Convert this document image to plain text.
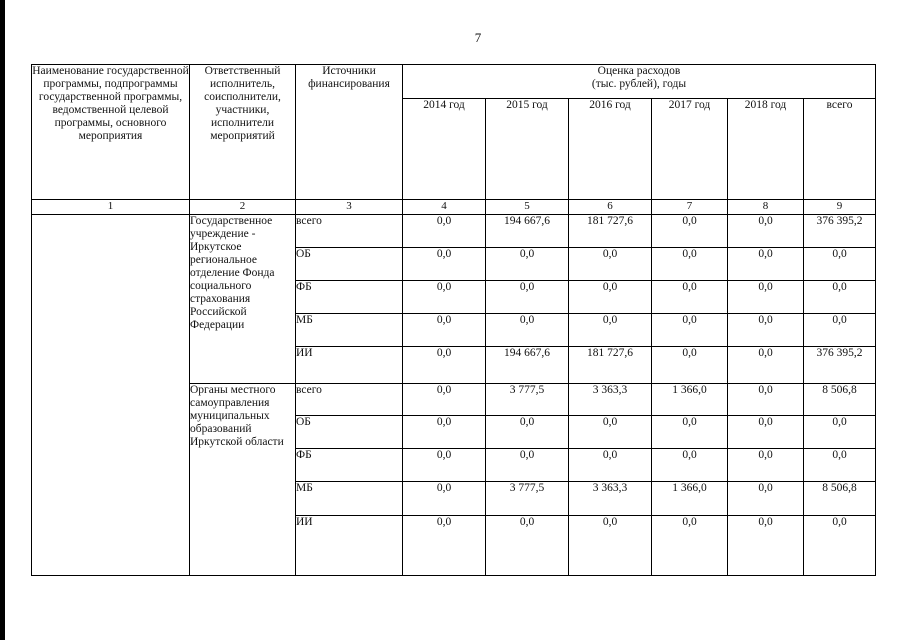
7
Наименование государственной программы, подпрограммы государственной программы, ведомственной целевой программы, основного мероприятия	Ответственный исполнитель, соисполнители, участники, исполнители мероприятий	Источники финансирования	Оценка расходов
(тыс. рублей), годы					
			2014 год	2015 год	2016 год	2017 год	2018 год	всего
1	2	3	4	5	6	7	8	9
	Государственное учреждение - Иркутское региональное отделение Фонда социального страхования Российской Федерации	всего	0,0	194 667,6	181 727,6	0,0	0,0	376 395,2
		ОБ	0,0	0,0	0,0	0,0	0,0	0,0
		ФБ	0,0	0,0	0,0	0,0	0,0	0,0
		МБ	0,0	0,0	0,0	0,0	0,0	0,0
		ИИ	0,0	194 667,6	181 727,6	0,0	0,0	376 395,2
	Органы местного самоуправления муниципальных образований Иркутской области	всего	0,0	3 777,5	3 363,3	1 366,0	0,0	8 506,8
		ОБ	0,0	0,0	0,0	0,0	0,0	0,0
		ФБ	0,0	0,0	0,0	0,0	0,0	0,0
		МБ	0,0	3 777,5	3 363,3	1 366,0	0,0	8 506,8
		ИИ	0,0	0,0	0,0	0,0	0,0	0,0
